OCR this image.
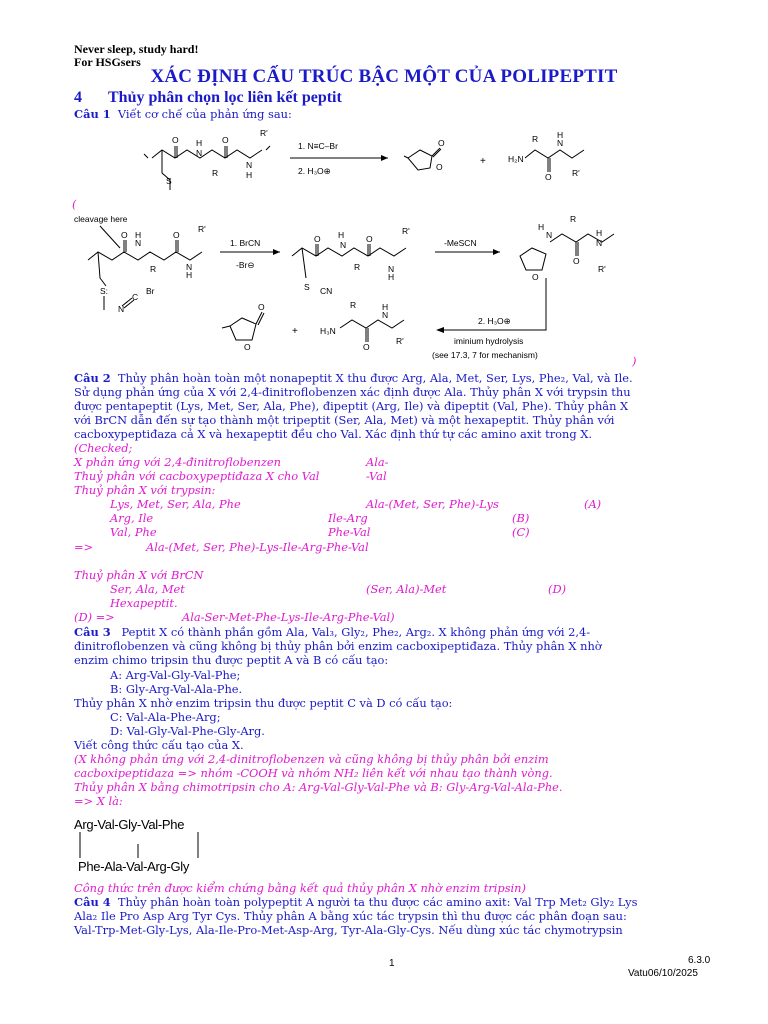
Never sleep, study hard!
For HSGsers
XÁC ĐỊNH CẤU TRÚC BẬC MỘT CỦA POLIPEPTIT
4 Thủy phân chọn lọc liên kết peptit
Câu 1 Viết cơ chế của phản ứng sau:
O	O
H
N
N
H
R
R'
S
1. N≡C–Br
2. H₃O⊕
O
O	+	H₂N
O
R N
H
R'
(
cleavage here
O	O
N
H
R	N
H
R'
S:
C
Br
N
1. BrCN
-Br⊖
O	O
H
N
R	N
H
R'
S CN
-MeSCN
O
H
N
O
R
N
H
R'
2. H₃O⊕
iminium hydrolysis
(see 17.3, 7 for mechanism)
O
O
+	H₃N
O
R
N
H
R'
)
Câu 2 Thủy phân hoàn toàn một nonapeptit X thu được Arg, Ala, Met, Ser, Lys, Phe₂, Val, và Ile.
Sử dụng phản ứng của X với 2,4-đinitroflobenzen xác định được Ala. Thủy phân X với trypsin thu
được pentapeptit (Lys, Met, Ser, Ala, Phe), đipeptit (Arg, Ile) và đipeptit (Val, Phe). Thủy phân X
với BrCN dẫn đến sự tạo thành một tripeptit (Ser, Ala, Met) và một hexapeptit. Thủy phân với
cacboxypeptiđaza cả X và hexapeptit đều cho Val. Xác định thứ tự các amino axit trong X.
(Checked;
X phản ứng với 2,4-đinitroflobenzen	Ala-
Thuỷ phân với cacboxypeptiđaza X cho Val	-Val
Thuỷ phân X với trypsin:
Lys, Met, Ser, Ala, Phe	Ala-(Met, Ser, Phe)-Lys	(A)
Arg, Ile	Ile-Arg	(B)
Val, Phe	Phe-Val	(C)
=>	Ala-(Met, Ser, Phe)-Lys-Ile-Arg-Phe-Val
Thuỷ phân X với BrCN
Ser, Ala, Met	(Ser, Ala)-Met	(D)
Hexapeptit.
(D) =>	Ala-Ser-Met-Phe-Lys-Ile-Arg-Phe-Val)
Câu 3 Peptit X có thành phần gồm Ala, Val₃, Gly₂, Phe₂, Arg₂. X không phản ứng với 2,4-
đinitroflobenzen và cũng không bị thủy phân bởi enzim cacboxipeptiđaza. Thủy phân X nhờ
enzim chimo tripsin thu được peptit A và B có cấu tạo:
A: Arg-Val-Gly-Val-Phe;
B: Gly-Arg-Val-Ala-Phe.
Thủy phân X nhờ enzim tripsin thu được peptit C và D có cấu tạo:
C: Val-Ala-Phe-Arg;
D: Val-Gly-Val-Phe-Gly-Arg.
Viết công thức cấu tạo của X.
(X không phản ứng với 2,4-dinitroflobenzen và cũng không bị thủy phân bởi enzim
cacboxipeptidaza => nhóm -COOH và nhóm NH₂ liên kết với nhau tạo thành vòng.
Thủy phân X bằng chimotripsin cho A: Arg-Val-Gly-Val-Phe và B: Gly-Arg-Val-Ala-Phe.
=> X là:
Arg-Val-Gly-Val-Phe
Phe-Ala-Val-Arg-Gly
Công thức trên được kiểm chứng bằng kết quả thủy phân X nhờ enzim tripsin)
Câu 4 Thủy phân hoàn toàn polypeptit A người ta thu được các amino axit: Val Trp Met₂ Gly₂ Lys
Ala₂ Ile Pro Asp Arg Tyr Cys. Thủy phân A bằng xúc tác trypsin thì thu được các phân đoạn sau:
Val-Trp-Met-Gly-Lys, Ala-Ile-Pro-Met-Asp-Arg, Tyr-Ala-Gly-Cys. Nếu dùng xúc tác chymotrypsin
1	6.3.0
Vatu06/10/2025
